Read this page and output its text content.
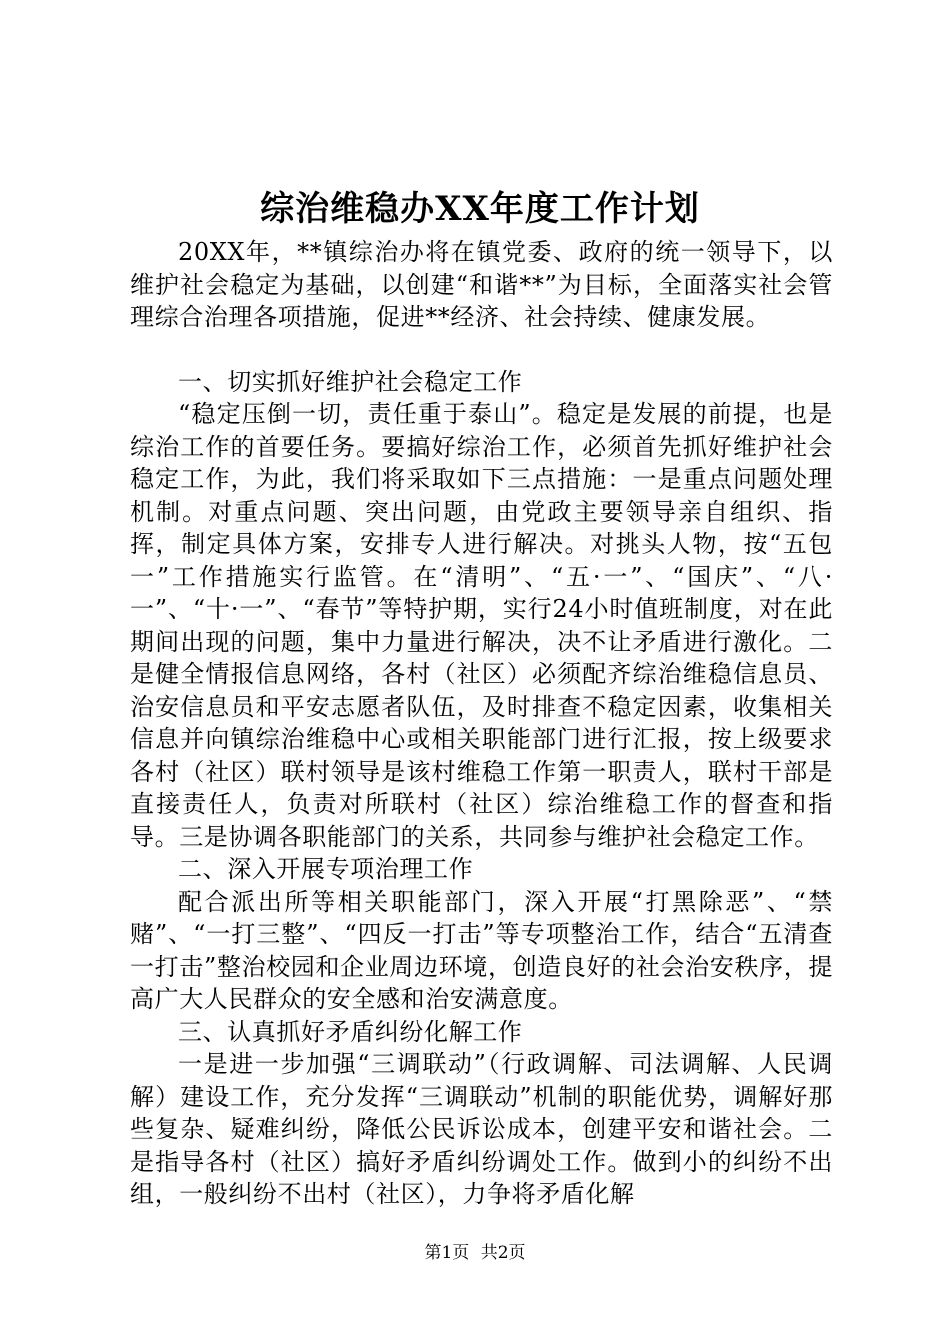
综治维稳办XX年度工作计划

20XX年，**镇综治办将在镇党委、政府的统一领导下，以维护社会稳定为基础，以创建“和谐**”为目标，全面落实社会管理综合治理各项措施，促进**经济、社会持续、健康发展。

一、切实抓好维护社会稳定工作

“稳定压倒一切，责任重于泰山”。稳定是发展的前提，也是综治工作的首要任务。要搞好综治工作，必须首先抓好维护社会稳定工作，为此，我们将采取如下三点措施：一是重点问题处理机制。对重点问题、突出问题，由党政主要领导亲自组织、指挥，制定具体方案，安排专人进行解决。对挑头人物，按“五包一”工作措施实行监管。在“清明”、“五·一”、“国庆”、“八·一”、“十·一”、“春节”等特护期，实行24小时值班制度，对在此期间出现的问题，集中力量进行解决，决不让矛盾进行激化。二是健全情报信息网络，各村（社区）必须配齐综治维稳信息员、治安信息员和平安志愿者队伍，及时排查不稳定因素，收集相关信息并向镇综治维稳中心或相关职能部门进行汇报，按上级要求各村（社区）联村领导是该村维稳工作第一职责人，联村干部是直接责任人，负责对所联村（社区）综治维稳工作的督查和指导。三是协调各职能部门的关系，共同参与维护社会稳定工作。

二、深入开展专项治理工作

配合派出所等相关职能部门，深入开展“打黑除恶”、“禁赌”、“一打三整”、“四反一打击”等专项整治工作，结合“五清查一打击”整治校园和企业周边环境，创造良好的社会治安秩序，提高广大人民群众的安全感和治安满意度。

三、认真抓好矛盾纠纷化解工作

一是进一步加强“三调联动”（行政调解、司法调解、人民调解）建设工作，充分发挥“三调联动”机制的职能优势，调解好那些复杂、疑难纠纷，降低公民诉讼成本，创建平安和谐社会。二是指导各村（社区）搞好矛盾纠纷调处工作。做到小的纠纷不出组，一般纠纷不出村（社区），力争将矛盾化解

第1页 共2页
